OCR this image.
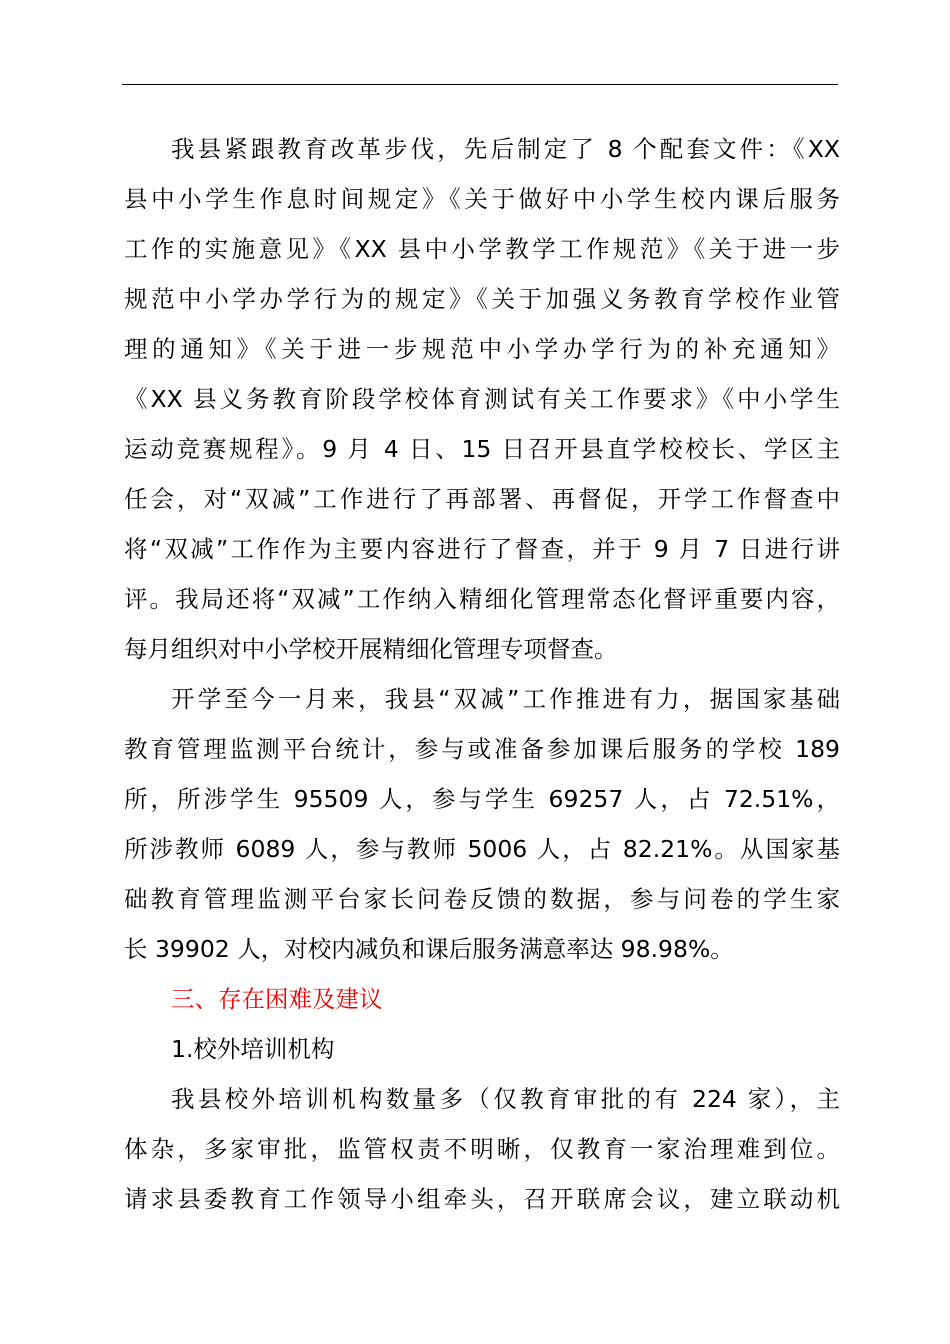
我县紧跟教育改革步伐，先后制定了 8 个配套文件：《XX
县中小学生作息时间规定》《关于做好中小学生校内课后服务
工作的实施意见》《XX 县中小学教学工作规范》《关于进一步
规范中小学办学行为的规定》《关于加强义务教育学校作业管
理的通知》《关于进一步规范中小学办学行为的补充通知》
《XX 县义务教育阶段学校体育测试有关工作要求》《中小学生
运动竞赛规程》。9 月 4 日、15 日召开县直学校校长、学区主
任会，对“双减”工作进行了再部署、再督促，开学工作督查中
将“双减”工作作为主要内容进行了督查，并于 9 月 7 日进行讲
评。我局还将“双减”工作纳入精细化管理常态化督评重要内容，
每月组织对中小学校开展精细化管理专项督查。
开学至今一月来，我县“双减”工作推进有力，据国家基础
教育管理监测平台统计，参与或准备参加课后服务的学校 189
所，所涉学生 95509 人，参与学生 69257 人，占 72.51%，
所涉教师 6089 人，参与教师 5006 人，占 82.21%。从国家基
础教育管理监测平台家长问卷反馈的数据，参与问卷的学生家
长 39902 人，对校内减负和课后服务满意率达 98.98%。
三、存在困难及建议
1.校外培训机构
我县校外培训机构数量多（仅教育审批的有 224 家），主
体杂，多家审批，监管权责不明晰，仅教育一家治理难到位。
请求县委教育工作领导小组牵头，召开联席会议，建立联动机
